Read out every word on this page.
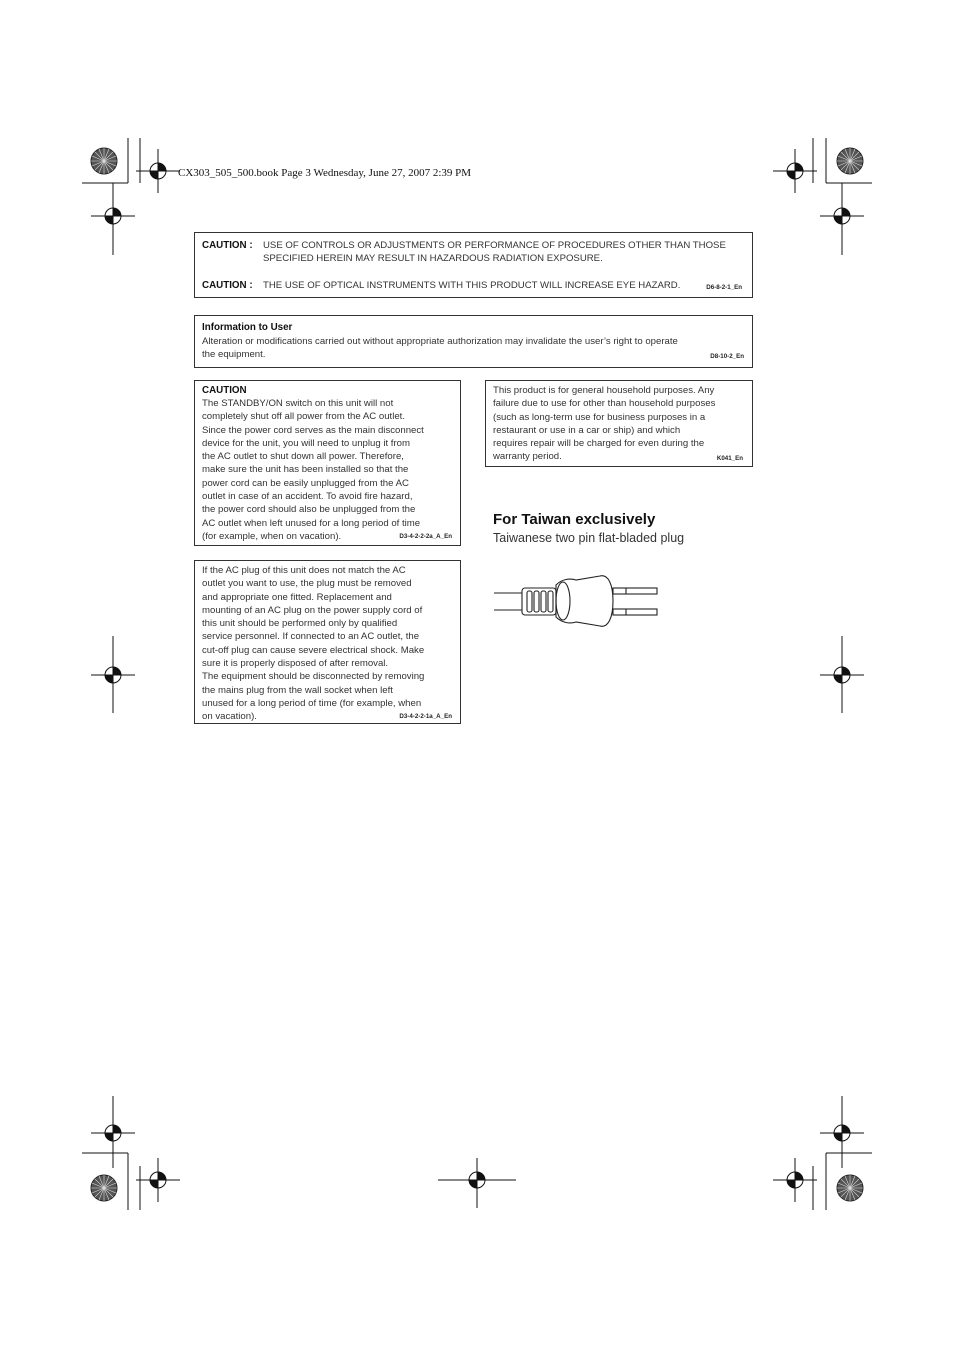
CX303_505_500.book Page 3 Wednesday, June 27, 2007 2:39 PM
CAUTION :	USE OF CONTROLS OR ADJUSTMENTS OR PERFORMANCE OF PROCEDURES OTHER THAN THOSE
SPECIFIED HEREIN MAY RESULT IN HAZARDOUS RADIATION EXPOSURE.
CAUTION :	THE USE OF OPTICAL INSTRUMENTS WITH THIS PRODUCT WILL INCREASE EYE HAZARD.	D6-8-2-1_En
Information to User
Alteration or modifications carried out without appropriate authorization may invalidate the user’s right to operate
the equipment.	D8-10-2_En
CAUTION
The STANDBY/ON switch on this unit will not
completely shut off all power from the AC outlet.
Since the power cord serves as the main disconnect
device for the unit, you will need to unplug it from
the AC outlet to shut down all power. Therefore,
make sure the unit has been installed so that the
power cord can be easily unplugged from the AC
outlet in case of an accident. To avoid fire hazard,
the power cord should also be unplugged from the
AC outlet when left unused for a long period of time
(for example, when on vacation).	D3-4-2-2-2a_A_En
If the AC plug of this unit does not match the AC
outlet you want to use, the plug must be removed
and appropriate one fitted. Replacement and
mounting of an AC plug on the power supply cord of
this unit should be performed only by qualified
service personnel. If connected to an AC outlet, the
cut-off plug can cause severe electrical shock. Make
sure it is properly disposed of after removal.
The equipment should be disconnected by removing
the mains plug from the wall socket when left
unused for a long period of time (for example, when
on vacation).	D3-4-2-2-1a_A_En
This product is for general household purposes. Any
failure due to use for other than household purposes
(such as long-term use for business purposes in a
restaurant or use in a car or ship) and which
requires repair will be charged for even during the
warranty period.	K041_En
For Taiwan exclusively
Taiwanese two pin flat-bladed plug
